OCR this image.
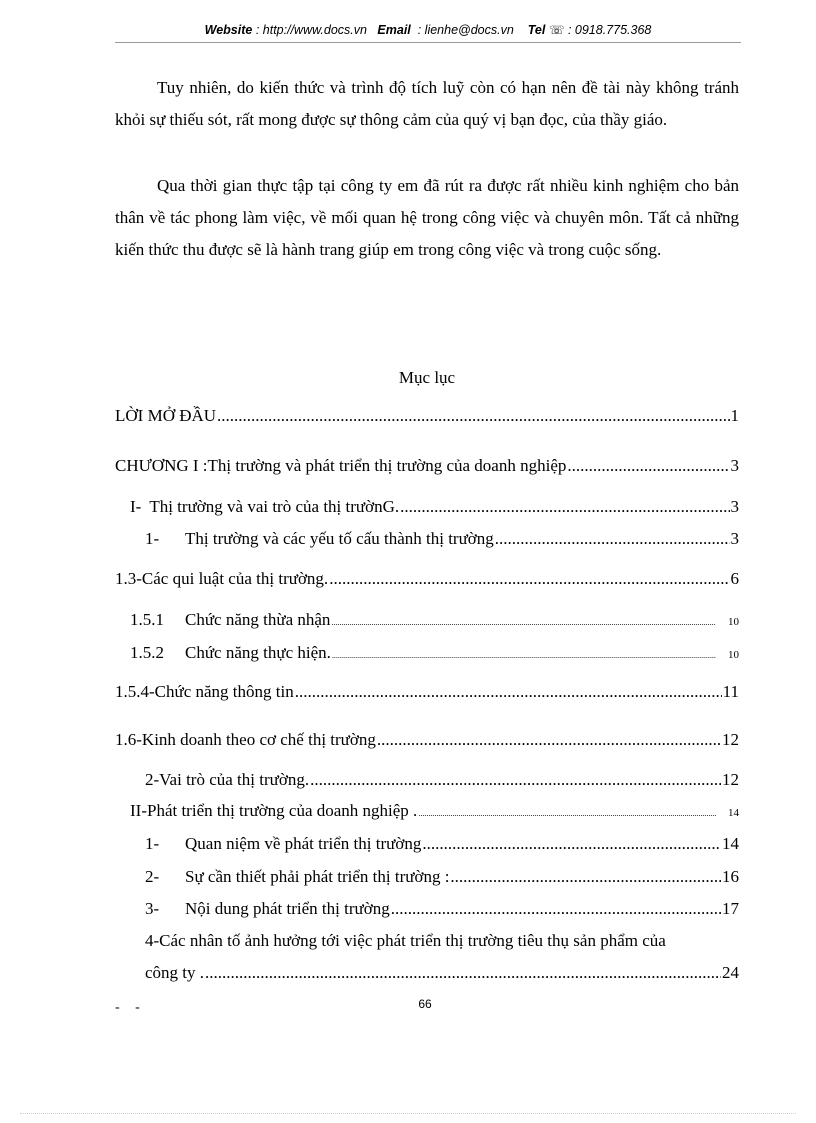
Website : http://www.docs.vn Email : lienhe@docs.vn Tel ☏ : 0918.775.368

Tuy nhiên, do kiến thức và trình độ tích luỹ còn có hạn nên đề tài này không tránh khỏi sự thiếu sót, rất mong được sự thông cảm của quý vị bạn đọc, của thầy giáo.

Qua thời gian thực tập tại công ty em đã rút ra được rất nhiều kinh nghiệm cho bản thân về tác phong làm việc, về mối quan hệ trong công việc và chuyên môn. Tất cả những kiến thức thu được sẽ là hành trang giúp em trong công việc và trong cuộc sống.

Mục lục
LỜI MỞ ĐẦU .....	1
CHƯƠNG I :Thị trường và phát triển thị trường của doanh nghiệp .....	3
I- Thị trường và vai trò của thị trườnG. .....	3
1-	Thị trường và các yếu tố cấu thành thị trường .....	3
1.3-Các qui luật của thị trường. .....	6
1.5.1	Chức năng thừa nhận .....	10
1.5.2	Chức năng thực hiện. .....	10
1.5.4-Chức năng thông tin .....	11
1.6-Kinh doanh theo cơ chế thị trường .....	12
2-Vai trò của thị trường. .....	12
II-Phát triển thị trường của doanh nghiệp . .....	14
1-	Quan niệm về phát triển thị trường .....	14
2-	Sự cần thiết phải phát triển thị trường : .....	16
3-	Nội dung phát triển thị trường .....	17
4-Các nhân tố ảnh hưởng tới việc phát triển thị trường tiêu thụ sản phẩm của
công ty . .....	24
66
- -
